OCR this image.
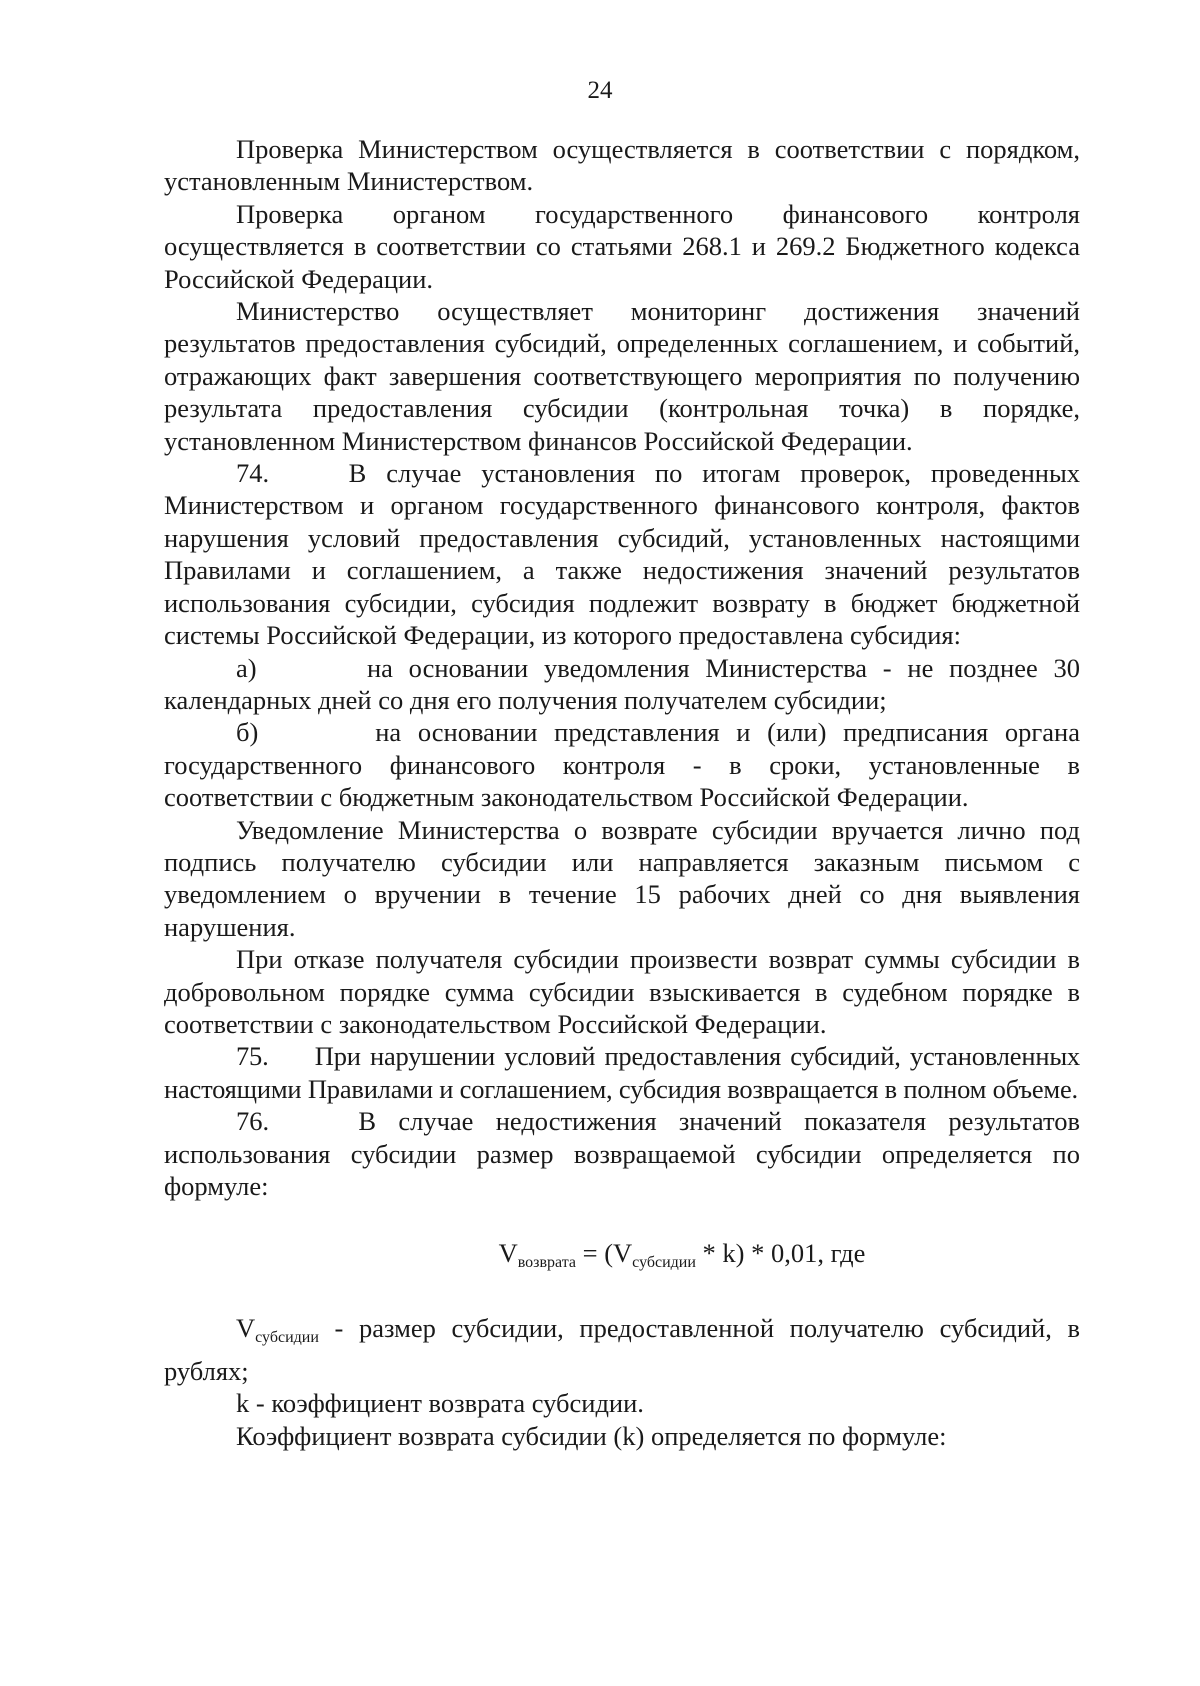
24

Проверка Министерством осуществляется в соответствии с порядком, установленным Министерством.

Проверка органом государственного финансового контроля осуществляется в соответствии со статьями 268.1 и 269.2 Бюджетного кодекса Российской Федерации.

Министерство осуществляет мониторинг достижения значений результатов предоставления субсидий, определенных соглашением, и событий, отражающих факт завершения соответствующего мероприятия по получению результата предоставления субсидии (контрольная точка) в порядке, установленном Министерством финансов Российской Федерации.

74.    В случае установления по итогам проверок, проведенных Министерством и органом государственного финансового контроля, фактов нарушения условий предоставления субсидий, установленных настоящими Правилами и соглашением, а также недостижения значений результатов использования субсидии, субсидия подлежит возврату в бюджет бюджетной системы Российской Федерации, из которого предоставлена субсидия:

а)       на основании уведомления Министерства - не позднее 30 календарных дней со дня его получения получателем субсидии;

б)       на основании представления и (или) предписания органа государственного финансового контроля - в сроки, установленные в соответствии с бюджетным законодательством Российской Федерации.

Уведомление Министерства о возврате субсидии вручается лично под подпись получателю субсидии или направляется заказным письмом с уведомлением о вручении в течение 15 рабочих дней со дня выявления нарушения.

При отказе получателя субсидии произвести возврат суммы субсидии в добровольном порядке сумма субсидии взыскивается в судебном порядке в соответствии с законодательством Российской Федерации.

75.     При нарушении условий предоставления субсидий, установленных настоящими Правилами и соглашением, субсидия возвращается в полном объеме.

76.    В случае недостижения значений показателя результатов использования субсидии размер возвращаемой субсидии определяется по формуле:

$V_{возврата} = (V_{субсидии} * k) * 0,01$, где

$V_{субсидии}$ - размер субсидии, предоставленной получателю субсидий, в рублях;

k - коэффициент возврата субсидии.

Коэффициент возврата субсидии (k) определяется по формуле:
